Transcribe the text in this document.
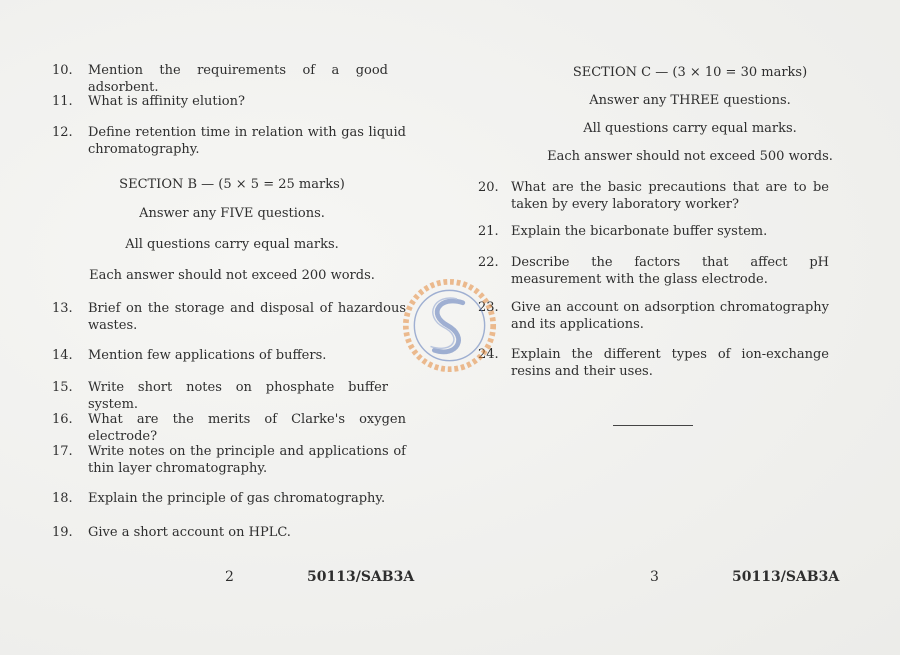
10. Mention the requirements of a good adsorbent.
11. What is affinity elution?
12. Define retention time in relation with gas liquid chromatography.
SECTION B — (5 × 5 = 25 marks)
Answer any FIVE questions.
All questions carry equal marks.
Each answer should not exceed 200 words.
13. Brief on the storage and disposal of hazardous wastes.
14. Mention few applications of buffers.
15. Write short notes on phosphate buffer system.
16. What are the merits of Clarke's oxygen electrode?
17. Write notes on the principle and applications of thin layer chromatography.
18. Explain the principle of gas chromatography.
19. Give a short account on HPLC.
2	50113/SAB3A
SECTION C — (3 × 10 = 30 marks)
Answer any THREE questions.
All questions carry equal marks.
Each answer should not exceed 500 words.
20. What are the basic precautions that are to be taken by every laboratory worker?
21. Explain the bicarbonate buffer system.
22. Describe the factors that affect pH measurement with the glass electrode.
23. Give an account on adsorption chromatography and its applications.
24. Explain the different types of ion-exchange resins and their uses.
3	50113/SAB3A
